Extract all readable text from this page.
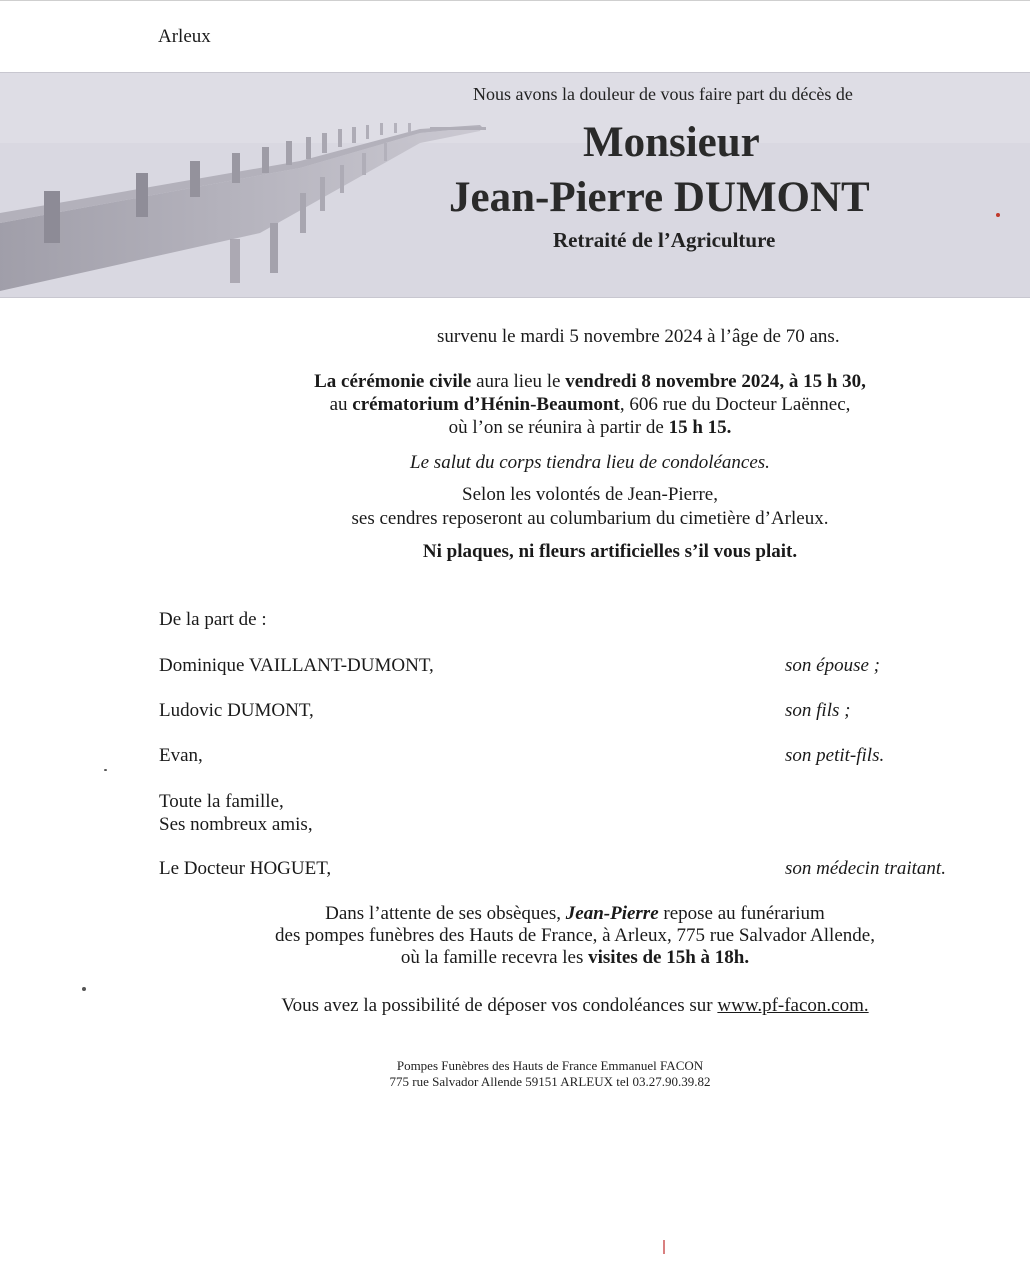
Arleux
Nous avons la douleur de vous faire part du décès de
Monsieur
Jean-Pierre DUMONT
Retraité de l’Agriculture
survenu le mardi 5 novembre 2024 à l’âge de 70 ans.
La cérémonie civile aura lieu le vendredi 8 novembre 2024, à 15 h 30,
au crématorium d’Hénin-Beaumont, 606 rue du Docteur Laënnec,
où l’on se réunira à partir de 15 h 15.
Le salut du corps tiendra lieu de condoléances.
Selon les volontés de Jean-Pierre,
ses cendres reposeront au columbarium du cimetière d’Arleux.
Ni plaques, ni fleurs artificielles s’il vous plait.
De la part de :
Dominique VAILLANT-DUMONT,	son épouse ;
Ludovic DUMONT,	son fils ;
Evan,	son petit-fils.
Toute la famille,
Ses nombreux amis,
Le Docteur HOGUET,	son médecin traitant.
Dans l’attente de ses obsèques, Jean-Pierre repose au funérarium
des pompes funèbres des Hauts de France, à Arleux, 775 rue Salvador Allende,
où la famille recevra les visites de 15h à 18h.
Vous avez la possibilité de déposer vos condoléances sur www.pf-facon.com.
Pompes Funèbres des Hauts de France Emmanuel FACON
775 rue Salvador Allende 59151 ARLEUX tel 03.27.90.39.82
